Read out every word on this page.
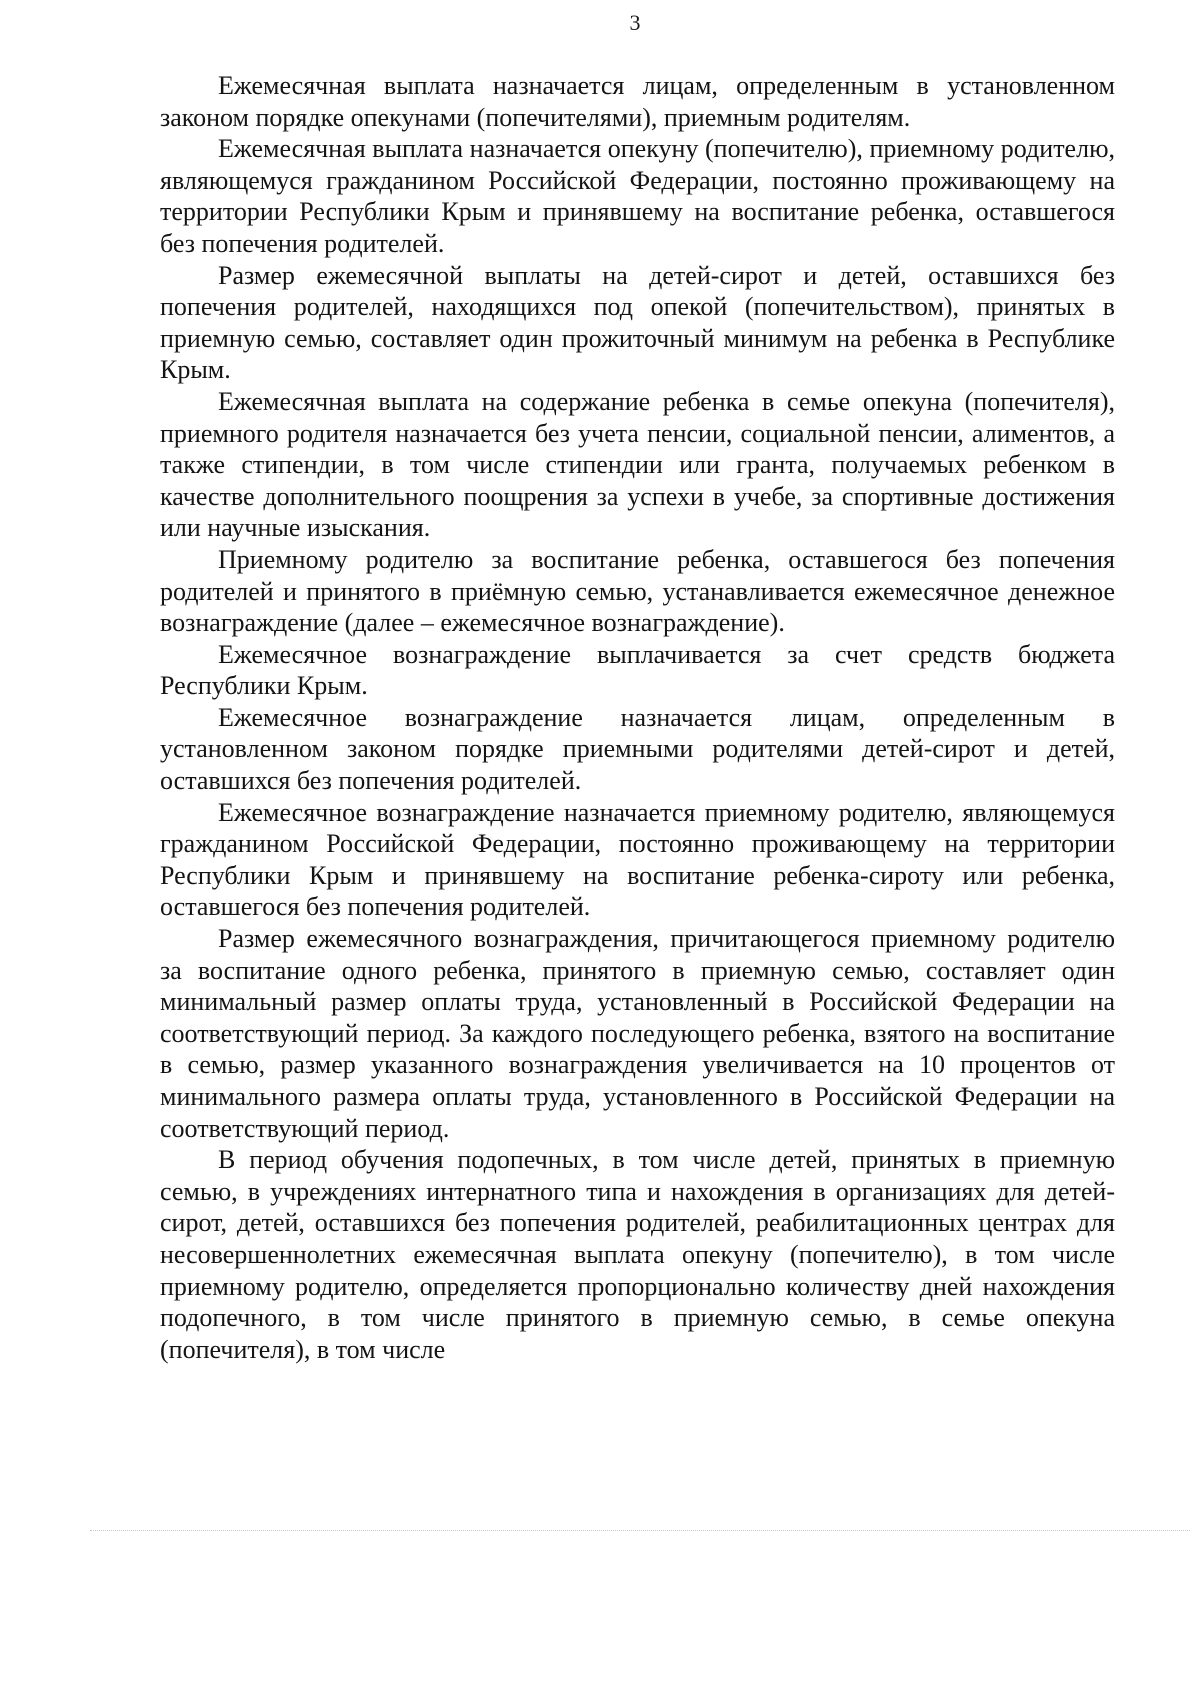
3

Ежемесячная выплата назначается лицам, определенным в установленном законом порядке опекунами (попечителями), приемным родителям.

Ежемесячная выплата назначается опекуну (попечителю), приемному родителю, являющемуся гражданином Российской Федерации, постоянно проживающему на территории Республики Крым и принявшему на воспитание ребенка, оставшегося без попечения родителей.

Размер ежемесячной выплаты на детей-сирот и детей, оставшихся без попечения родителей, находящихся под опекой (попечительством), принятых в приемную семью, составляет один прожиточный минимум на ребенка в Республике Крым.

Ежемесячная выплата на содержание ребенка в семье опекуна (попечителя), приемного родителя назначается без учета пенсии, социальной пенсии, алиментов, а также стипендии, в том числе стипендии или гранта, получаемых ребенком в качестве дополнительного поощрения за успехи в учебе, за спортивные достижения или научные изыскания.

Приемному родителю за воспитание ребенка, оставшегося без попечения родителей и принятого в приёмную семью, устанавливается ежемесячное денежное вознаграждение (далее – ежемесячное вознаграждение).

Ежемесячное вознаграждение выплачивается за счет средств бюджета Республики Крым.

Ежемесячное вознаграждение назначается лицам, определенным в установленном законом порядке приемными родителями детей-сирот и детей, оставшихся без попечения родителей.

Ежемесячное вознаграждение назначается приемному родителю, являющемуся гражданином Российской Федерации, постоянно проживающему на территории Республики Крым и принявшему на воспитание ребенка-сироту или ребенка, оставшегося без попечения родителей.

Размер ежемесячного вознаграждения, причитающегося приемному родителю за воспитание одного ребенка, принятого в приемную семью, составляет один минимальный размер оплаты труда, установленный в Российской Федерации на соответствующий период. За каждого последующего ребенка, взятого на воспитание в семью, размер указанного вознаграждения увеличивается на 10 процентов от минимального размера оплаты труда, установленного в Российской Федерации на соответствующий период.

В период обучения подопечных, в том числе детей, принятых в приемную семью, в учреждениях интернатного типа и нахождения в организациях для детей-сирот, детей, оставшихся без попечения родителей, реабилитационных центрах для несовершеннолетних ежемесячная выплата опекуну (попечителю), в том числе приемному родителю, определяется пропорционально количеству дней нахождения подопечного, в том числе принятого в приемную семью, в семье опекуна (попечителя), в том числе
